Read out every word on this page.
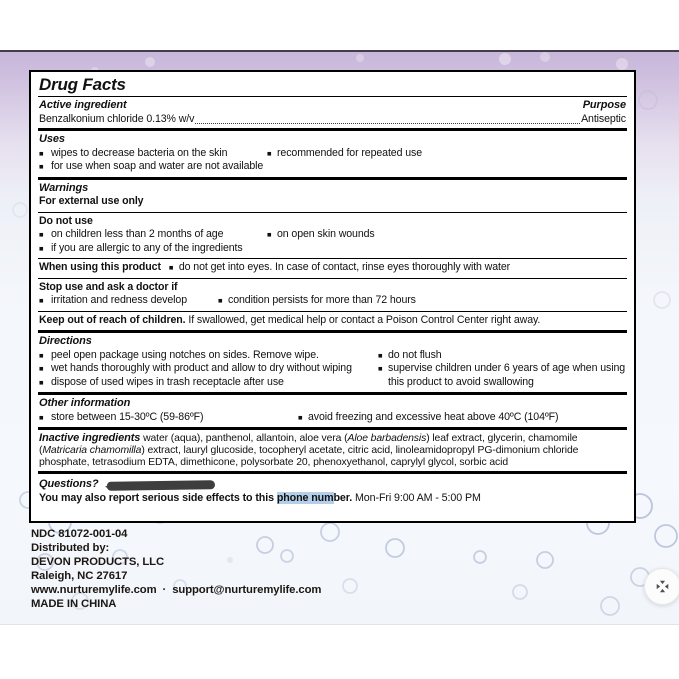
Drug Facts
Active ingredient	Purpose
Benzalkonium chloride 0.13% w/v	Antiseptic
Uses
■ wipes to decrease bacteria on the skin
■ for use when soap and water are not available
■ recommended for repeated use
Warnings
For external use only
Do not use
■ on children less than 2 months of age
■ if you are allergic to any of the ingredients
■ on open skin wounds
When using this product ■ do not get into eyes. In case of contact, rinse eyes thoroughly with water
Stop use and ask a doctor if
■ irritation and redness develop	■ condition persists for more than 72 hours
Keep out of reach of children. If swallowed, get medical help or contact a Poison Control Center right away.
Directions
■ peel open package using notches on sides. Remove wipe.
■ wet hands thoroughly with product and allow to dry without wiping
■ dispose of used wipes in trash receptacle after use
■ do not flush
■ supervise children under 6 years of age when using this product to avoid swallowing
Other information
■ store between 15-30ºC (59-86ºF)	■ avoid freezing and excessive heat above 40ºC (104ºF)

Inactive ingredients water (aqua), panthenol, allantoin, aloe vera (Aloe barbadensis) leaf extract, glycerin, chamomile (Matricaria chamomilla) extract, lauryl glucoside, tocopheryl acetate, citric acid, linoleamidopropyl PG-dimonium chloride phosphate, tetrasodium EDTA, dimethicone, polysorbate 20, phenoxyethanol, caprylyl glycol, sorbic acid

Questions?
You may also report serious side effects to this phone number. Mon-Fri 9:00 AM - 5:00 PM
NDC 81072-001-04
Distributed by:
DEVON PRODUCTS, LLC
Raleigh, NC 27617
www.nurturemylife.com · support@nurturemylife.com
MADE IN CHINA
